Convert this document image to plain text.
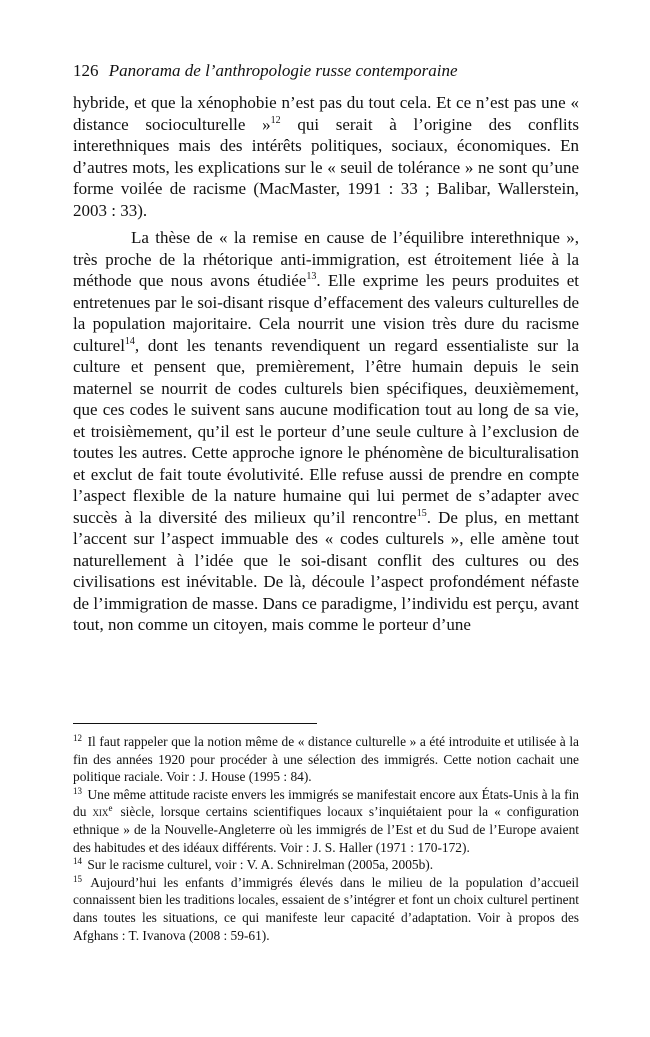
126 Panorama de l’anthropologie russe contemporaine

hybride, et que la xénophobie n’est pas du tout cela. Et ce n’est pas une « distance socioculturelle »$^{12}$ qui serait à l’origine des conflits interethniques mais des intérêts politiques, sociaux, économiques. En d’autres mots, les explications sur le « seuil de tolérance » ne sont qu’une forme voilée de racisme (MacMaster, 1991 : 33 ; Balibar, Wallerstein, 2003 : 33).

La thèse de « la remise en cause de l’équilibre interethnique », très proche de la rhétorique anti-immigration, est étroitement liée à la méthode que nous avons étudiée$^{13}$. Elle exprime les peurs produites et entretenues par le soi-disant risque d’effacement des valeurs culturelles de la population majoritaire. Cela nourrit une vision très dure du racisme culturel$^{14}$, dont les tenants revendiquent un regard essentialiste sur la culture et pensent que, premièrement, l’être humain depuis le sein maternel se nourrit de codes culturels bien spécifiques, deuxièmement, que ces codes le suivent sans aucune modification tout au long de sa vie, et troisièmement, qu’il est le porteur d’une seule culture à l’exclusion de toutes les autres. Cette approche ignore le phénomène de biculturalisation et exclut de fait toute évolutivité. Elle refuse aussi de prendre en compte l’aspect flexible de la nature humaine qui lui permet de s’adapter avec succès à la diversité des milieux qu’il rencontre$^{15}$. De plus, en mettant l’accent sur l’aspect immuable des « codes culturels », elle amène tout naturellement à l’idée que le soi-disant conflit des cultures ou des civilisations est inévitable. De là, découle l’aspect profondément néfaste de l’immigration de masse. Dans ce paradigme, l’individu est perçu, avant tout, non comme un citoyen, mais comme le porteur d’une

$^{12}$ Il faut rappeler que la notion même de « distance culturelle » a été introduite et utilisée à la fin des années 1920 pour procéder à une sélection des immigrés. Cette notion cachait une politique raciale. Voir : J. House (1995 : 84).

$^{13}$ Une même attitude raciste envers les immigrés se manifestait encore aux États-Unis à la fin du xix$^e$ siècle, lorsque certains scientifiques locaux s’inquiétaient pour la « configuration ethnique » de la Nouvelle-Angleterre où les immigrés de l’Est et du Sud de l’Europe avaient des habitudes et des idéaux différents. Voir : J. S. Haller (1971 : 170-172).

$^{14}$ Sur le racisme culturel, voir : V. A. Schnirelman (2005a, 2005b).

$^{15}$ Aujourd’hui les enfants d’immigrés élevés dans le milieu de la population d’accueil connaissent bien les traditions locales, essaient de s’intégrer et font un choix culturel pertinent dans toutes les situations, ce qui manifeste leur capacité d’adaptation. Voir à propos des Afghans : T. Ivanova (2008 : 59-61).
